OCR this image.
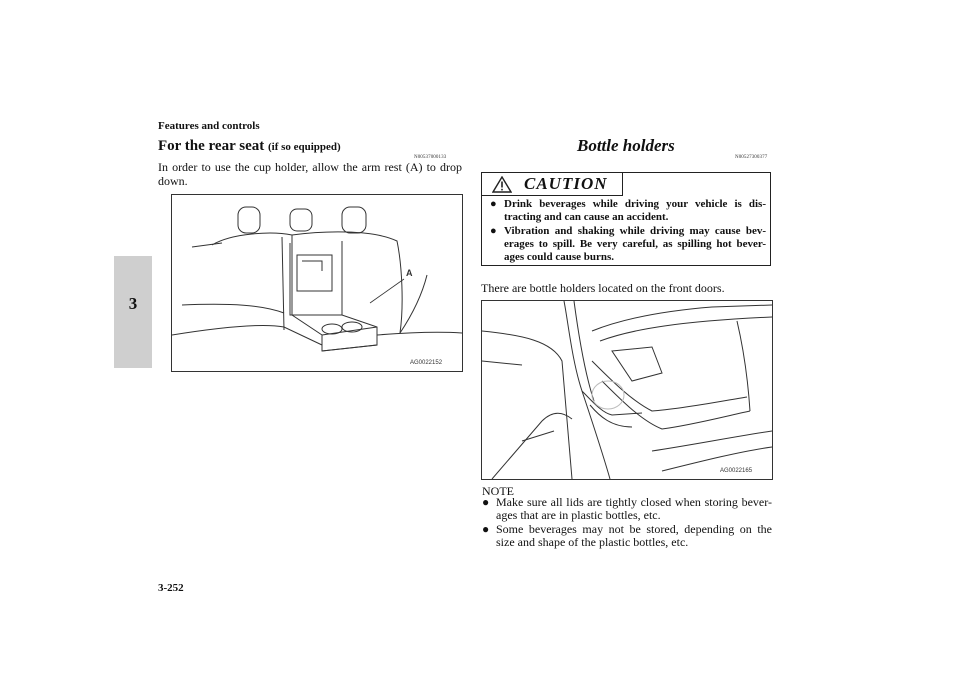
Features and controls
3
For the rear seat (if so equipped)
N00537000133
In order to use the cup holder, allow the arm rest (A) to drop down.
A
AG0022152
Bottle holders
N00527300377
CAUTION
● Drink beverages while driving your vehicle is dis-tracting and can cause an accident.
● Vibration and shaking while driving may cause bev-erages to spill. Be very careful, as spilling hot bever-ages could cause burns.
There are bottle holders located on the front doors.
AG0022165
NOTE
● Make sure all lids are tightly closed when storing bever-ages that are in plastic bottles, etc.
● Some beverages may not be stored, depending on the size and shape of the plastic bottles, etc.
3-252
